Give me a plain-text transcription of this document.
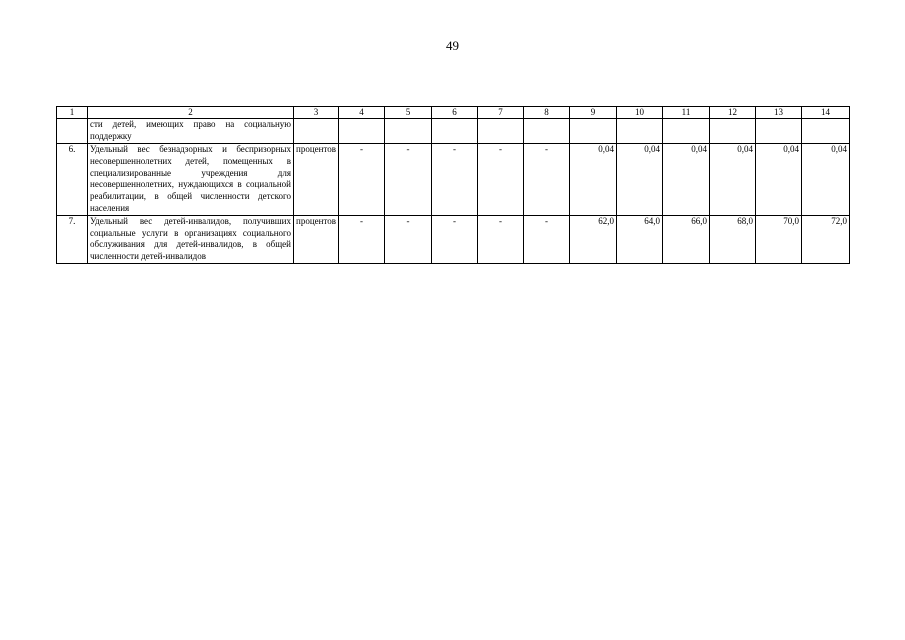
49
1	2	3	4	5	6	7	8	9	10	11	12	13	14
	сти детей, имеющих право на социальную поддержку												
6.	Удельный вес безнадзорных и беспризорных несовершеннолетних детей, помещенных в специализированные учреждения для несовершеннолетних, нуждающихся в социальной реабилитации, в общей численности детского населения	процентов	-	-	-	-	-	0,04	0,04	0,04	0,04	0,04	0,04
7.	Удельный вес детей-инвалидов, получивших социальные услуги в организациях социального обслуживания для детей-инвалидов, в общей численности детей-инвалидов	процентов	-	-	-	-	-	62,0	64,0	66,0	68,0	70,0	72,0
